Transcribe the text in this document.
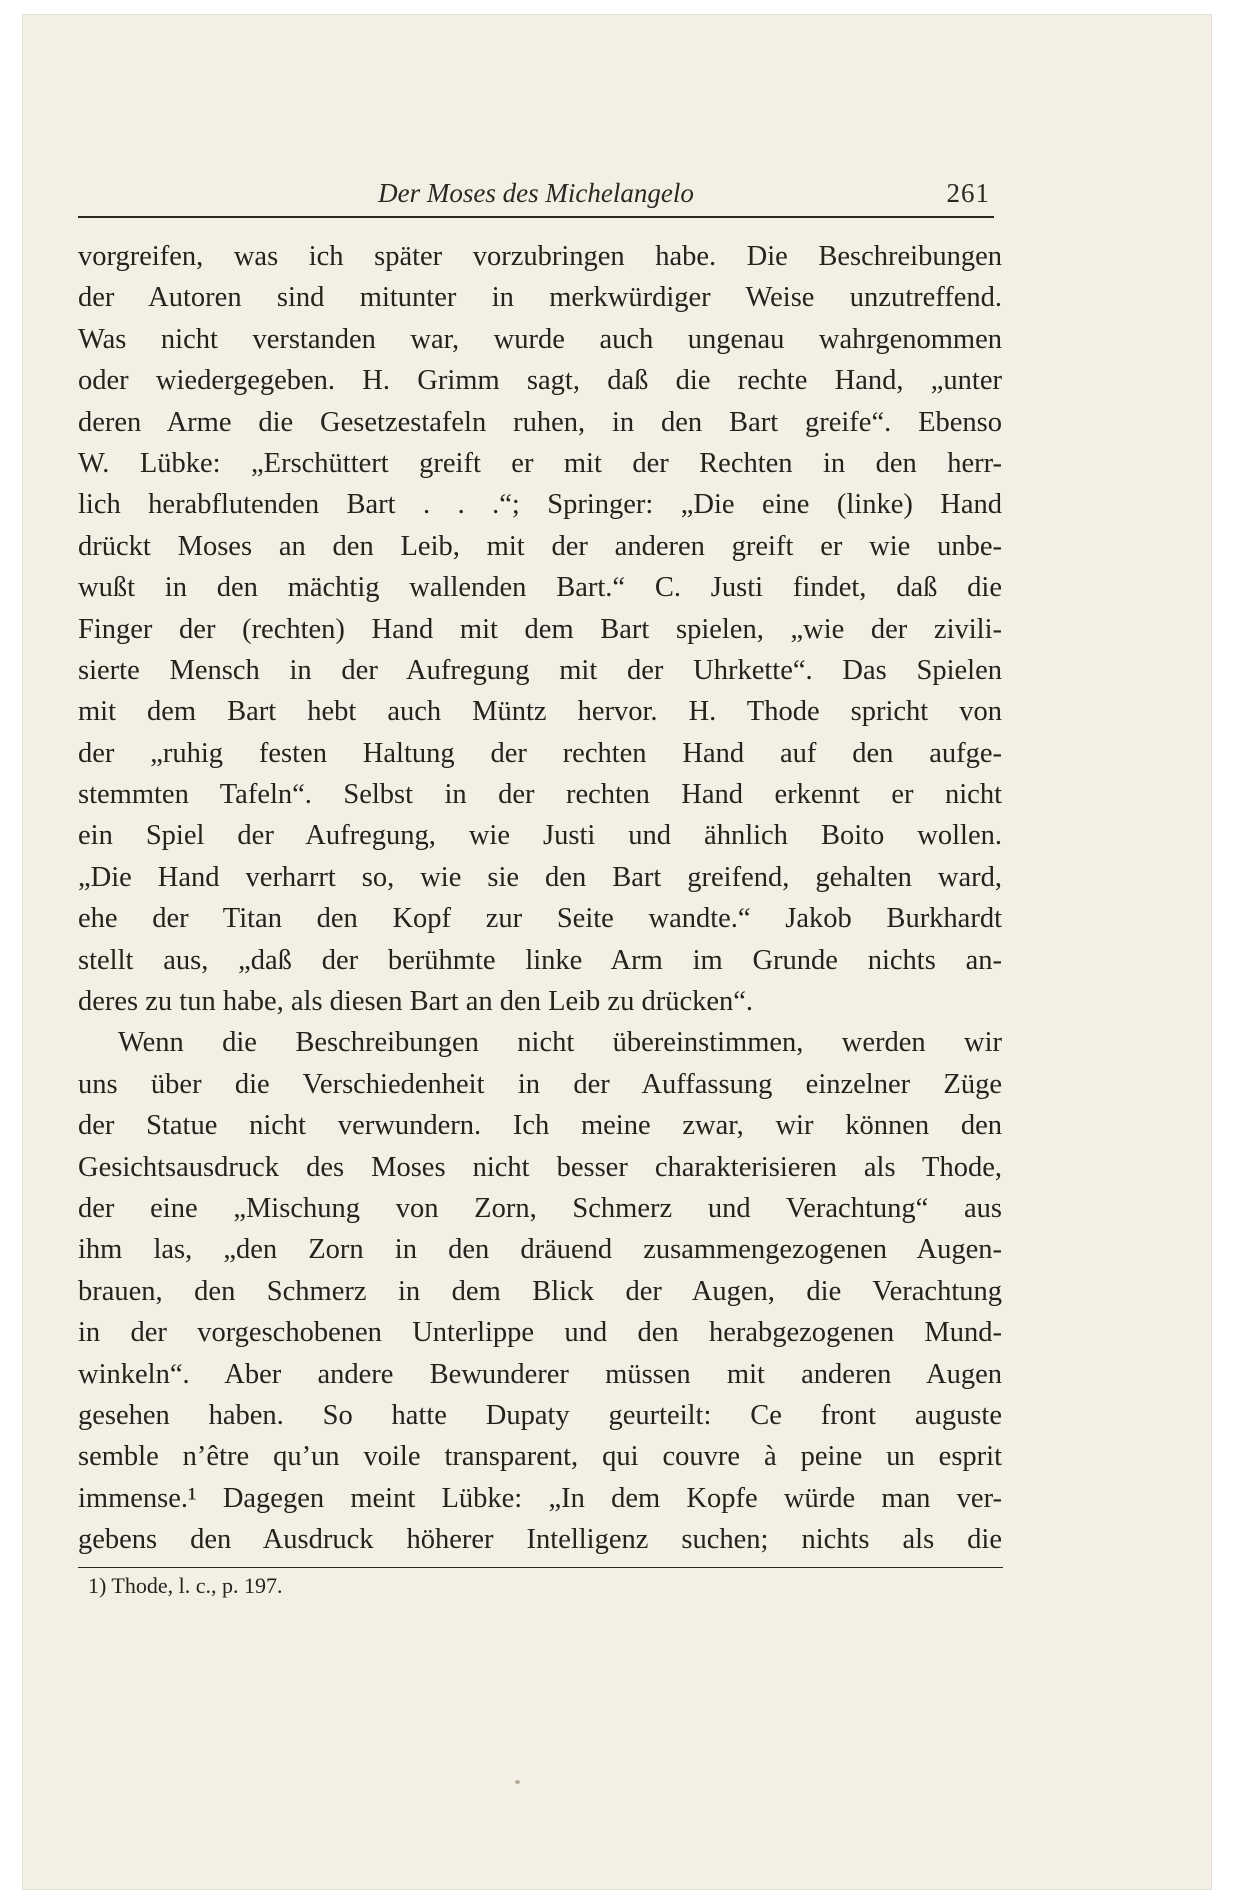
Der Moses des Michelangelo	261
vorgreifen, was ich später vorzubringen habe. Die Beschreibungen
der Autoren sind mitunter in merkwürdiger Weise unzutreffend.
Was nicht verstanden war, wurde auch ungenau wahrgenommen
oder wiedergegeben. H. Grimm sagt, daß die rechte Hand, „unter
deren Arme die Gesetzestafeln ruhen, in den Bart greife“. Ebenso
W. Lübke: „Erschüttert greift er mit der Rechten in den herr-
lich herabflutenden Bart . . .“; Springer: „Die eine (linke) Hand
drückt Moses an den Leib, mit der anderen greift er wie unbe-
wußt in den mächtig wallenden Bart.“ C. Justi findet, daß die
Finger der (rechten) Hand mit dem Bart spielen, „wie der zivili-
sierte Mensch in der Aufregung mit der Uhrkette“. Das Spielen
mit dem Bart hebt auch Müntz hervor. H. Thode spricht von
der „ruhig festen Haltung der rechten Hand auf den aufge-
stemmten Tafeln“. Selbst in der rechten Hand erkennt er nicht
ein Spiel der Aufregung, wie Justi und ähnlich Boito wollen.
„Die Hand verharrt so, wie sie den Bart greifend, gehalten ward,
ehe der Titan den Kopf zur Seite wandte.“ Jakob Burkhardt
stellt aus, „daß der berühmte linke Arm im Grunde nichts an-
deres zu tun habe, als diesen Bart an den Leib zu drücken“.
Wenn die Beschreibungen nicht übereinstimmen, werden wir
uns über die Verschiedenheit in der Auffassung einzelner Züge
der Statue nicht verwundern. Ich meine zwar, wir können den
Gesichtsausdruck des Moses nicht besser charakterisieren als Thode,
der eine „Mischung von Zorn, Schmerz und Verachtung“ aus
ihm las, „den Zorn in den dräuend zusammengezogenen Augen-
brauen, den Schmerz in dem Blick der Augen, die Verachtung
in der vorgeschobenen Unterlippe und den herabgezogenen Mund-
winkeln“. Aber andere Bewunderer müssen mit anderen Augen
gesehen haben. So hatte Dupaty geurteilt: Ce front auguste
semble n’être qu’un voile transparent, qui couvre à peine un esprit
immense.¹ Dagegen meint Lübke: „In dem Kopfe würde man ver-
gebens den Ausdruck höherer Intelligenz suchen; nichts als die
1) Thode, l. c., p. 197.
